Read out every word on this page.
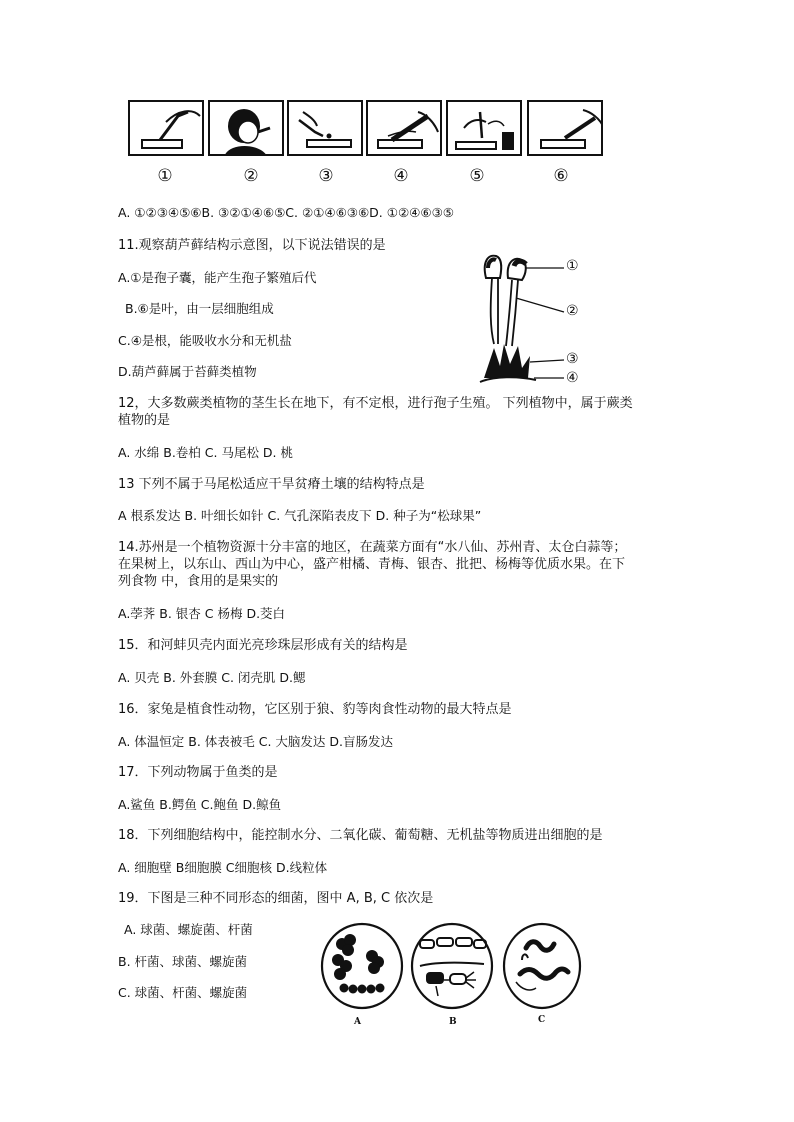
①	②	③	④	⑤	⑥
A. ①②③④⑤⑥B. ③②①④⑥⑤C. ②①④⑥③⑥D. ①②④⑥③⑤
11.观察葫芦藓结构示意图，以下说法错误的是
A.①是孢子囊，能产生孢子繁殖后代
B.⑥是叶，由一层细胞组成
C.④是根，能吸收水分和无机盐
D.葫芦藓属于苔藓类植物
①
②
③
④
12，大多数蕨类植物的茎生长在地下，有不定根，进行孢子生殖。 下列植物中，属于蕨类
植物的是
A. 水绵 B.卷柏 C. 马尾松 D. 桃
13 下列不属于马尾松适应干旱贫瘠土壤的结构特点是
A 根系发达 B. 叶细长如针 C. 气孔深陷表皮下 D. 种子为“松球果”
14.苏州是一个植物资源十分丰富的地区，在蔬菜方面有“水八仙、苏州青、太仓白蒜等；
在果树上，以东山、西山为中心，盛产柑橘、青梅、银杏、批把、杨梅等优质水果。在下
列食物 中，食用的是果实的
A.荸荠 B. 银杏 C 杨梅 D.茭白
15．和河蚌贝壳内面光亮珍珠层形成有关的结构是
A. 贝壳 B. 外套膜 C. 闭壳肌 D.鳃
16．家兔是植食性动物，它区别于狼、豹等肉食性动物的最大特点是
A. 体温恒定 B. 体表被毛 C. 大脑发达 D.盲肠发达
17．下列动物属于鱼类的是
A.鲨鱼 B.鳄鱼 C.鲍鱼 D.鲸鱼
18．下列细胞结构中，能控制水分、二氧化碳、葡萄糖、无机盐等物质进出细胞的是
A. 细胞壁 B细胞膜 C细胞核 D.线粒体
19．下图是三种不同形态的细菌，图中 A, B, C 依次是
A. 球菌、螺旋菌、杆菌
B. 杆菌、球菌、螺旋菌
C. 球菌、杆菌、螺旋菌
A	B	C
